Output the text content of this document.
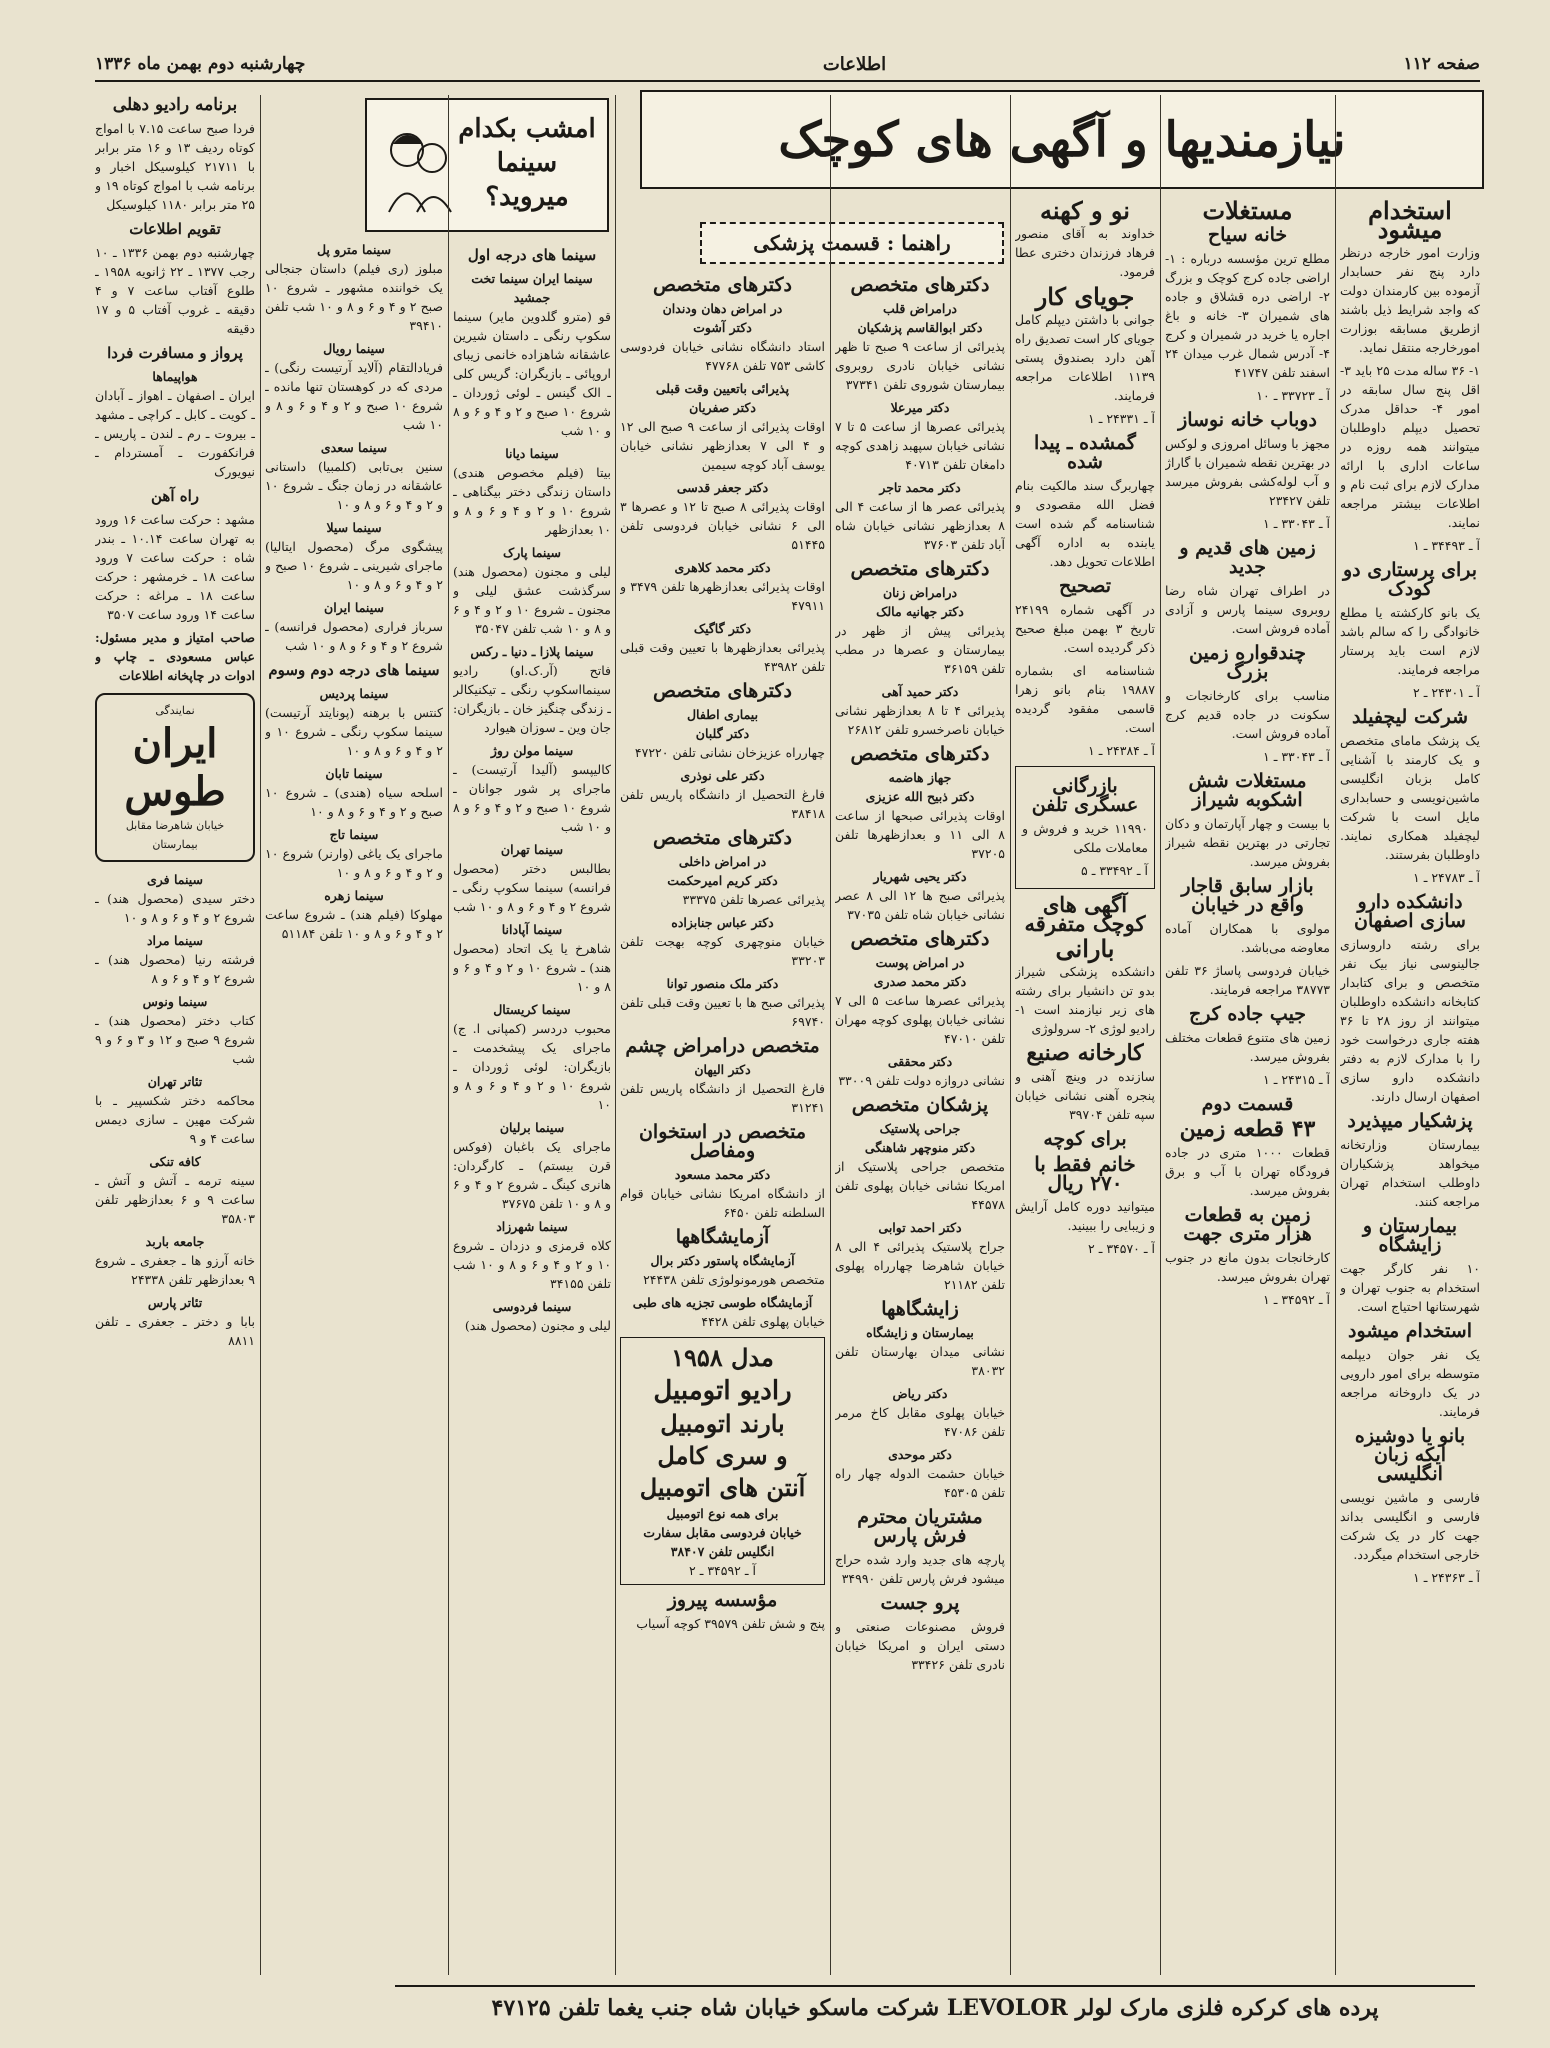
صفحه ۱۱۲
اطلاعات
چهارشنبه دوم بهمن ماه ۱۳۳۶
نیازمندیها و آگهی های کوچک
امشب بکدام سینما میروید؟
راهنما : قسمت پزشکی
استخدام میشود

وزارت امور خارجه درنظر دارد پنج نفر حسابدار آزموده بین کارمندان دولت که واجد شرایط ذیل باشند ازطریق مسابقه بوزارت امورخارجه منتقل نماید.

۱- ۳۶ ساله مدت ۲۵ باید ۳- اقل پنج سال سابقه در امور ۴- حداقل مدرک تحصیل دیپلم داوطلبان میتوانند همه روزه در ساعات اداری با ارائه مدارک لازم برای ثبت نام و اطلاعات بیشتر مراجعه نمایند.

آ ـ ۳۴۴۹۳ ـ ۱

برای پرستاری دو کودک

یک بانو کارکشته یا مطلع خانوادگی را که سالم باشد لازم است باید پرستار مراجعه فرمایند.

آ ـ ۲۴۳۰۱ ـ ۲

شرکت لیچفیلد

یک پزشک مامای متخصص و یک کارمند با آشنایی کامل بزبان انگلیسی ماشین‌نویسی و حسابداری مایل است با شرکت لیچفیلد همکاری نمایند. داوطلبان بفرستند.

آ ـ ۲۴۷۸۳ ـ ۱

دانشکده دارو سازی اصفهان

برای رشته داروسازی جالینوسی نیاز بیک نفر متخصص و برای کتابدار کتابخانه دانشکده داوطلبان میتوانند از روز ۲۸ تا ۳۶ هفته جاری درخواست خود را با مدارک لازم به دفتر دانشکده دارو سازی اصفهان ارسال دارند.

پزشکیار میپذیرد

بیمارستان وزارتخانه میخواهد پزشکیاران داوطلب استخدام تهران مراجعه کنند.

بیمارستان و زایشگاه

۱۰ نفر کارگر جهت استخدام به جنوب تهران و شهرستانها احتیاج است.

استخدام میشود

یک نفر جوان دیپلمه متوسطه برای امور دارویی در یک داروخانه مراجعه فرمایند.

بانو یا دوشیزه ایکه زبان انگلیسی

فارسی و ماشین نویسی فارسی و انگلیسی بداند جهت کار در یک شرکت خارجی استخدام میگردد.

آ ـ ۲۴۳۶۳ ـ ۱

مستغلات
خانه سیاح

مطلع ترین مؤسسه درباره : ۱- اراضی جاده کرج کوچک و بزرگ ۲- اراضی دره قشلاق و جاده های شمیران ۳- خانه و باغ اجاره یا خرید در شمیران و کرج ۴- آدرس شمال غرب میدان ۲۴ اسفند تلفن ۴۱۷۴۷

آ ـ ۳۳۷۲۳ ـ ۱۰

دوباب خانه نوساز

مجهز با وسائل امروزی و لوکس در بهترین نقطه شمیران با گاراژ و آب لوله‌کشی بفروش میرسد تلفن ۲۳۴۲۷

آ ـ ۳۳۰۴۳ ـ ۱

زمین های قدیم و جدید

در اطراف تهران شاه رضا روبروی سینما پارس و آزادی آماده فروش است.

چندقواره زمین بزرگ

مناسب برای کارخانجات و سکونت در جاده قدیم کرج آماده فروش است.

آ ـ ۳۳۰۴۳ ـ ۱

مستغلات شش اشکوبه شیراز

با بیست و چهار آپارتمان و دکان تجارتی در بهترین نقطه شیراز بفروش میرسد.

بازار سابق قاجار واقع در خیابان

مولوی با همکاران آماده معاوضه می‌باشد.

خیابان فردوسی پاساژ ۳۶ تلفن ۳۸۷۷۳ مراجعه فرمایند.

جیپ جاده کرج

زمین های متنوع قطعات مختلف بفروش میرسد.

آ ـ ۲۴۳۱۵ ـ ۱

قسمت دوم
۴۳ قطعه زمین

قطعات ۱۰۰۰ متری در جاده فرودگاه تهران با آب و برق بفروش میرسد.

زمین به قطعات هزار متری جهت

کارخانجات بدون مانع در جنوب تهران بفروش میرسد.

آ ـ ۳۴۵۹۲ ـ ۱

نو و کهنه

خداوند به آقای منصور فرهاد فرزندان دختری عطا فرمود.

جویای کار

جوانی با داشتن دیپلم کامل جویای کار است تصدیق راه آهن دارد بصندوق پستی ۱۱۳۹ اطلاعات مراجعه فرمایند.

آ ـ ۲۴۳۳۱ ـ ۱

گمشده ـ پیدا شده

چهاربرگ سند مالکیت بنام فضل الله مقصودی و شناسنامه گم شده است یابنده به اداره آگهی اطلاعات تحویل دهد.

تصحیح

در آگهی شماره ۲۴۱۹۹ تاریخ ۳ بهمن مبلغ صحیح ذکر گردیده است.

شناسنامه ای بشماره ۱۹۸۸۷ بنام بانو زهرا قاسمی مفقود گردیده است.

آ ـ ۲۴۳۸۴ ـ ۱

بازرگانی عسگری تلفن

۱۱۹۹۰ خرید و فروش و معاملات ملکی

آ ـ ۳۳۴۹۲ ـ ۵

آگهی های کوچک متفرقه
بارانی

دانشکده پزشکی شیراز بدو تن دانشیار برای رشته های زیر نیازمند است ۱- رادیو لوژی ۲- سرولوژی

کارخانه صنیع

سازنده در وینچ آهنی و پنجره آهنی نشانی خیابان سپه تلفن ۳۹۷۰۴

برای کوچه
خانم فقط با ۲۷۰ ریال

میتوانید دوره کامل آرایش و زیبایی را ببینید.

آ ـ ۳۴۵۷۰ ـ ۲

دکترهای متخصص
درامراض قلب
دکتر ابوالقاسم پزشکیان

پذیرائی از ساعت ۹ صبح تا ظهر نشانی خیابان نادری روبروی بیمارستان شوروی تلفن ۳۷۳۴۱

دکتر میرعلا

پذیرائی عصرها از ساعت ۵ تا ۷ نشانی خیابان سپهبد زاهدی کوچه دامغان تلفن ۴۰۷۱۳

دکتر محمد تاجر

پذیرائی عصر ها از ساعت ۴ الی ۸ بعدازظهر نشانی خیابان شاه آباد تلفن ۳۷۶۰۳

دکترهای متخصص
درامراض زنان
دکتر جهانیه مالک

پذیرائی پیش از ظهر در بیمارستان و عصرها در مطب تلفن ۳۶۱۵۹

دکتر حمید آهی

پذیرائی ۴ تا ۸ بعدازظهر نشانی خیابان ناصرخسرو تلفن ۲۶۸۱۲

دکترهای متخصص
جهاز هاضمه
دکتر ذبیح الله عزیزی

اوقات پذیرائی صبحها از ساعت ۸ الی ۱۱ و بعدازظهرها تلفن ۳۷۲۰۵

دکتر یحیی شهریار

پذیرائی صبح ها ۱۲ الی ۸ عصر نشانی خیابان شاه تلفن ۳۷۰۳۵

دکترهای متخصص
در امراض پوست
دکتر محمد صدری

پذیرائی عصرها ساعت ۵ الی ۷ نشانی خیابان پهلوی کوچه مهران تلفن ۴۷۰۱۰

دکتر محققی

نشانی دروازه دولت تلفن ۳۳۰۰۹

پزشکان متخصص
جراحی پلاستیک
دکتر منوچهر شاهنگی

متخصص جراحی پلاستیک از امریکا نشانی خیابان پهلوی تلفن ۴۴۵۷۸

دکتر احمد توابی

جراح پلاستیک پذیرائی ۴ الی ۸ خیابان شاهرضا چهارراه پهلوی تلفن ۲۱۱۸۲

زایشگاهها
بیمارستان و زایشگاه

نشانی میدان بهارستان تلفن ۳۸۰۳۲

دکتر ریاض

خیابان پهلوی مقابل کاخ مرمر تلفن ۴۷۰۸۶

دکتر موحدی

خیابان حشمت الدوله چهار راه تلفن ۴۵۳۰۵

مشتریان محترم فرش پارس

پارچه های جدید وارد شده حراج میشود فرش پارس تلفن ۳۴۹۹۰

پرو جست

فروش مصنوعات صنعتی و دستی ایران و امریکا خیابان نادری تلفن ۳۳۴۲۶

دکترهای متخصص
در امراض دهان ودندان
دکتر آشوت

استاد دانشگاه نشانی خیابان فردوسی کاشی ۷۵۳ تلفن ۴۷۷۶۸

پذیرائی باتعیین وقت قبلی
دکتر صفریان

اوقات پذیرائی از ساعت ۹ صبح الی ۱۲ و ۴ الی ۷ بعدازظهر نشانی خیابان یوسف آباد کوچه سیمین

دکتر جعفر قدسی

اوقات پذیرائی ۸ صبح تا ۱۲ و عصرها ۳ الی ۶ نشانی خیابان فردوسی تلفن ۵۱۴۴۵

دکتر محمد کلاهری

اوقات پذیرائی بعدازظهرها تلفن ۳۴۷۹ و ۴۷۹۱۱

دکتر گاگیک

پذیرائی بعدازظهرها با تعیین وقت قبلی تلفن ۴۳۹۸۲

دکترهای متخصص
بیماری اطفال
دکتر گلبان

چهارراه عزیزخان نشانی تلفن ۴۷۲۲۰

دکتر علی نوذری

فارغ التحصیل از دانشگاه پاریس تلفن ۳۸۴۱۸

دکترهای متخصص
در امراض داخلی
دکتر کریم امیرحکمت

پذیرائی عصرها تلفن ۳۳۳۷۵

دکتر عباس جنابزاده

خیابان منوچهری کوچه بهجت تلفن ۳۳۲۰۳

دکتر ملک منصور توانا

پذیرائی صبح ها با تعیین وقت قبلی تلفن ۶۹۷۴۰

متخصص درامراض چشم
دکتر الیهان

فارغ التحصیل از دانشگاه پاریس تلفن ۳۱۲۴۱

متخصص در استخوان ومفاصل
دکتر محمد مسعود

از دانشگاه امریکا نشانی خیابان قوام السلطنه تلفن ۶۴۵۰

آزمایشگاهها
آزمایشگاه پاستور دکتر برال

متخصص هورمونولوژی تلفن ۲۴۴۳۸

آزمایشگاه طوسی تجزیه های طبی

خیابان پهلوی تلفن ۴۴۲۸

مدل ۱۹۵۸
رادیو اتومبیل
بارند اتومبیل
و سری کامل
آنتن های اتومبیل
برای همه نوع اتومبیل
خیابان فردوسی مقابل سفارت انگلیس تلفن ۳۸۴۰۷
آ ـ ۳۴۵۹۲ ـ ۲
مؤسسه پیروز

پنج و شش تلفن ۳۹۵۷۹ کوچه آسیاب

سینما های درجه اول
سینما ایران سینما تخت جمشید

قو (مترو گلدوین مایر) سینما سکوپ رنگی ـ داستان شیرین عاشقانه شاهزاده خانمی زیبای اروپائی ـ بازیگران: گریس کلی ـ الک گینس ـ لوئی ژوردان ـ شروع ۱۰ صبح و ۲ و ۴ و ۶ و ۸ و ۱۰ شب

سینما دیانا

بیتا (فیلم مخصوص هندی) داستان زندگی دختر بیگناهی ـ شروع ۱۰ و ۲ و ۴ و ۶ و ۸ و ۱۰ بعدازظهر

سینما پارک

لیلی و مجنون (محصول هند) سرگذشت عشق لیلی و مجنون ـ شروع ۱۰ و ۲ و ۴ و ۶ و ۸ و ۱۰ شب تلفن ۳۵۰۴۷

سینما پلازا ـ دنیا ـ رکس

فاتح (آر.ک.او) رادیو سینمااسکوپ رنگی ـ تیکنیکالر ـ زندگی چنگیز خان ـ بازیگران: جان وین ـ سوزان هیوارد

سینما مولن روژ

کالیپسو (آلیدا آرتیست) ـ ماجرای پر شور جوانان ـ شروع ۱۰ صبح و ۲ و ۴ و ۶ و ۸ و ۱۰ شب

سینما تهران

بطالبس دختر (محصول فرانسه) سینما سکوپ رنگی ـ شروع ۲ و ۴ و ۶ و ۸ و ۱۰ شب

سینما آپادانا

شاهرخ یا یک اتحاد (محصول هند) ـ شروع ۱۰ و ۲ و ۴ و ۶ و ۸ و ۱۰

سینما کریستال

محبوب دردسر (کمپانی ا. ج) ماجرای یک پیشخدمت ـ بازیگران: لوئی ژوردان ـ شروع ۱۰ و ۲ و ۴ و ۶ و ۸ و ۱۰

سینما برلیان

ماجرای یک باغبان (فوکس قرن بیستم) ـ کارگردان: هانری کینگ ـ شروع ۲ و ۴ و ۶ و ۸ و ۱۰ تلفن ۳۷۶۷۵

سینما شهرزاد

کلاه قرمزی و دزدان ـ شروع ۱۰ و ۲ و ۴ و ۶ و ۸ و ۱۰ شب تلفن ۳۴۱۵۵

سینما فردوسی

لیلی و مجنون (محصول هند)

سینما مترو پل

مبلوز (ری فیلم) داستان جنجالی یک خواننده مشهور ـ شروع ۱۰ صبح ۲ و ۴ و ۶ و ۸ و ۱۰ شب تلفن ۳۹۴۱۰

سینما رویال

فریادالتقام (آلاید آرتیست رنگی) ـ مردی که در کوهستان تنها مانده ـ شروع ۱۰ صبح و ۲ و ۴ و ۶ و ۸ و ۱۰ شب

سینما سعدی

سنین بی‌تابی (کلمبیا) داستانی عاشقانه در زمان جنگ ـ شروع ۱۰ و ۲ و ۴ و ۶ و ۸ و ۱۰

سینما سیلا

پیشگوی مرگ (محصول ایتالیا) ماجرای شیرینی ـ شروع ۱۰ صبح و ۲ و ۴ و ۶ و ۸ و ۱۰

سینما ایران

سرباز فراری (محصول فرانسه) ـ شروع ۲ و ۴ و ۶ و ۸ و ۱۰ شب

سینما های درجه دوم وسوم
سینما پردیس

کنتس با برهنه (پونایتد آرتیست) سینما سکوپ رنگی ـ شروع ۱۰ و ۲ و ۴ و ۶ و ۸ و ۱۰

سینما تابان

اسلحه سیاه (هندی) ـ شروع ۱۰ صبح و ۲ و ۴ و ۶ و ۸ و ۱۰

سینما تاج

ماجرای یک یاغی (وارنر) شروع ۱۰ و ۲ و ۴ و ۶ و ۸ و ۱۰

سینما زهره

مهلوکا (فیلم هند) ـ شروع ساعت ۲ و ۴ و ۶ و ۸ و ۱۰ تلفن ۵۱۱۸۴

برنامه رادیو دهلی

فردا صبح ساعت ۷.۱۵ با امواج کوتاه ردیف ۱۳ و ۱۶ متر برابر با ۲۱۷۱۱ کیلوسیکل اخبار و برنامه شب با امواج کوتاه ۱۹ و ۲۵ متر برابر ۱۱۸۰ کیلوسیکل

تقویم اطلاعات

چهارشنبه دوم بهمن ۱۳۳۶ ـ ۱۰ رجب ۱۳۷۷ ـ ۲۲ ژانویه ۱۹۵۸ ـ طلوع آفتاب ساعت ۷ و ۴ دقیقه ـ غروب آفتاب ۵ و ۱۷ دقیقه

پرواز و مسافرت فردا
هواپیماها

ایران ـ اصفهان ـ اهواز ـ آبادان ـ کویت ـ کابل ـ کراچی ـ مشهد ـ بیروت ـ رم ـ لندن ـ پاریس ـ فرانکفورت ـ آمستردام ـ نیویورک

راه آهن

مشهد : حرکت ساعت ۱۶ ورود به تهران ساعت ۱۰.۱۴ ـ بندر شاه : حرکت ساعت ۷ ورود ساعت ۱۸ ـ خرمشهر : حرکت ساعت ۱۸ ـ مراغه : حرکت ساعت ۱۴ ورود ساعت ۳۵۰۷

صاحب امتیاز و مدیر مسئول: عباس مسعودی ـ چاپ و ادوات در چاپخانه اطلاعات

نمایندگی
ایران طوس
خیابان شاهرضا مقابل بیمارستان
سینما فری

دختر سیدی (محصول هند) ـ شروع ۲ و ۴ و ۶ و ۸ و ۱۰

سینما مراد

فرشته رنیا (محصول هند) ـ شروع ۲ و ۴ و ۶ و ۸

سینما ونوس

کتاب دختر (محصول هند) ـ شروع ۹ صبح و ۱۲ و ۳ و ۶ و ۹ شب

تئاتر تهران

محاکمه دختر شکسپیر ـ با شرکت مهین ـ سازی دیمس ساعت ۴ و ۹

کافه تنکی

سینه ترمه ـ آتش و آتش ـ ساعت ۹ و ۶ بعدازظهر تلفن ۳۵۸۰۳

جامعه باربد

خانه آرزو ها ـ جعفری ـ شروع ۹ بعدازظهر تلفن ۲۴۳۳۸

تئاتر پارس

بابا و دختر ـ جعفری ـ تلفن ۸۸۱۱

پرده های کرکره فلزی مارک لولر LEVOLOR شرکت ماسکو خیابان شاه جنب یغما تلفن ۴۷۱۲۵
